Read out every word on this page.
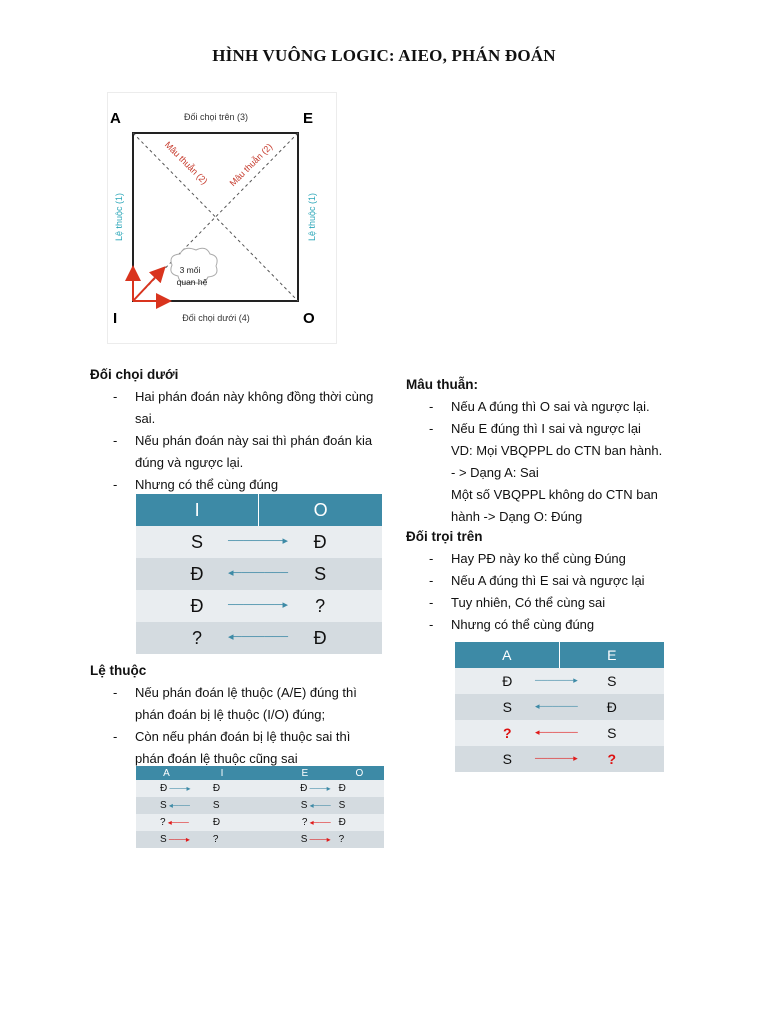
HÌNH VUÔNG LOGIC: AIEO, PHÁN ĐOÁN
A	E
I	O
Đối chọi trên (3)
Đối chọi dưới (4)
Lệ thuộc (1)	Lệ thuộc (1)
Mâu thuẫn (2) Mâu thuẫn (2)
3 mối
quan hệ
Đối chọi dưới
- Hai phán đoán này không đồng thời cùng sai.
- Nếu phán đoán này sai thì phán đoán kia đúng và ngược lại.
- Nhưng có thể cùng đúng
I	O
S ───────▸	Đ
Đ ◂───────	S
Đ ───────▸	?
? ◂───────	Đ
Lệ thuộc
- Nếu phán đoán lệ thuộc (A/E) đúng thì phán đoán bị lệ thuộc (I/O) đúng;
- Còn nếu phán đoán bị lệ thuộc sai thì phán đoán lệ thuộc cũng sai
A	I		E	O
Đ ───▸	Đ		Đ ───▸	Đ
S ◂───	S		S ◂───	S
? ◂───	Đ		? ◂───	Đ
S ───▸	?		S ───▸	?
Mâu thuẫn:
- Nếu A đúng thì O sai và ngược lại.
- Nếu E đúng thì I sai và ngược lại
VD: Mọi VBQPPL do CTN ban hành.
- > Dạng A: Sai
Một số VBQPPL không do CTN ban
hành -> Dạng O: Đúng
Đối trọi trên
- Hay PĐ này ko thể cùng Đúng
- Nếu A đúng thì E sai và ngược lại
- Tuy nhiên, Có thể cùng sai
- Nhưng có thể cùng đúng
A	E
Đ ──────▸	S
S ◂──────	Đ
? ◂──────	S
S ──────▸	?
